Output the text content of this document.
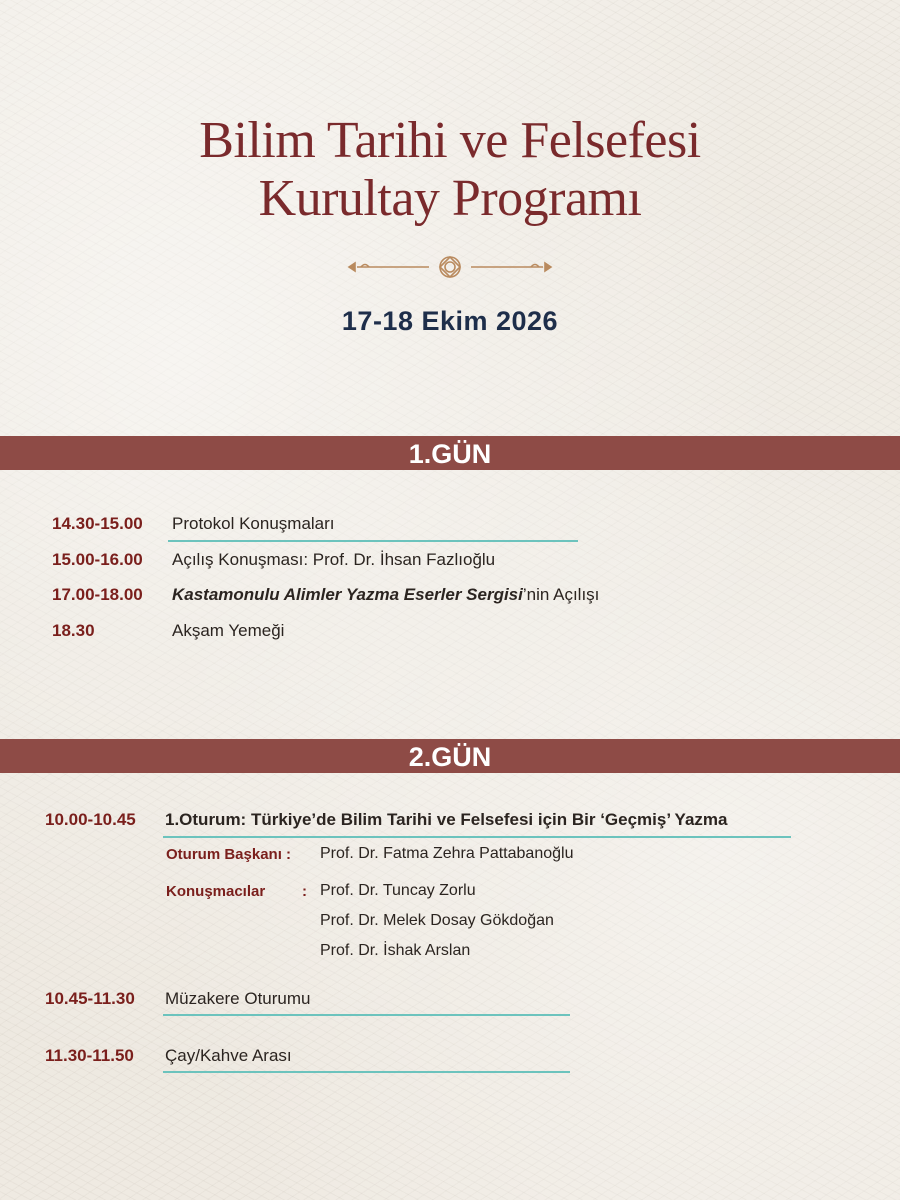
Bilim Tarihi ve Felsefesi
Kurultay Programı
17-18 Ekim 2026
1.GÜN
14.30-15.00 Protokol Konuşmaları
15.00-16.00 Açılış Konuşması: Prof. Dr. İhsan Fazlıoğlu
17.00-18.00 Kastamonulu Alimler Yazma Eserler Sergisi’nin Açılışı
18.30	Akşam Yemeği
2.GÜN
10.00-10.45 1.Oturum: Türkiye’de Bilim Tarihi ve Felsefesi için Bir ‘Geçmiş’ Yazma
Oturum Başkanı : Prof. Dr. Fatma Zehra Pattabanoğlu
Konuşmacılar : Prof. Dr. Tuncay Zorlu
Prof. Dr. Melek Dosay Gökdoğan
Prof. Dr. İshak Arslan
10.45-11.30 Müzakere Oturumu
11.30-11.50 Çay/Kahve Arası
